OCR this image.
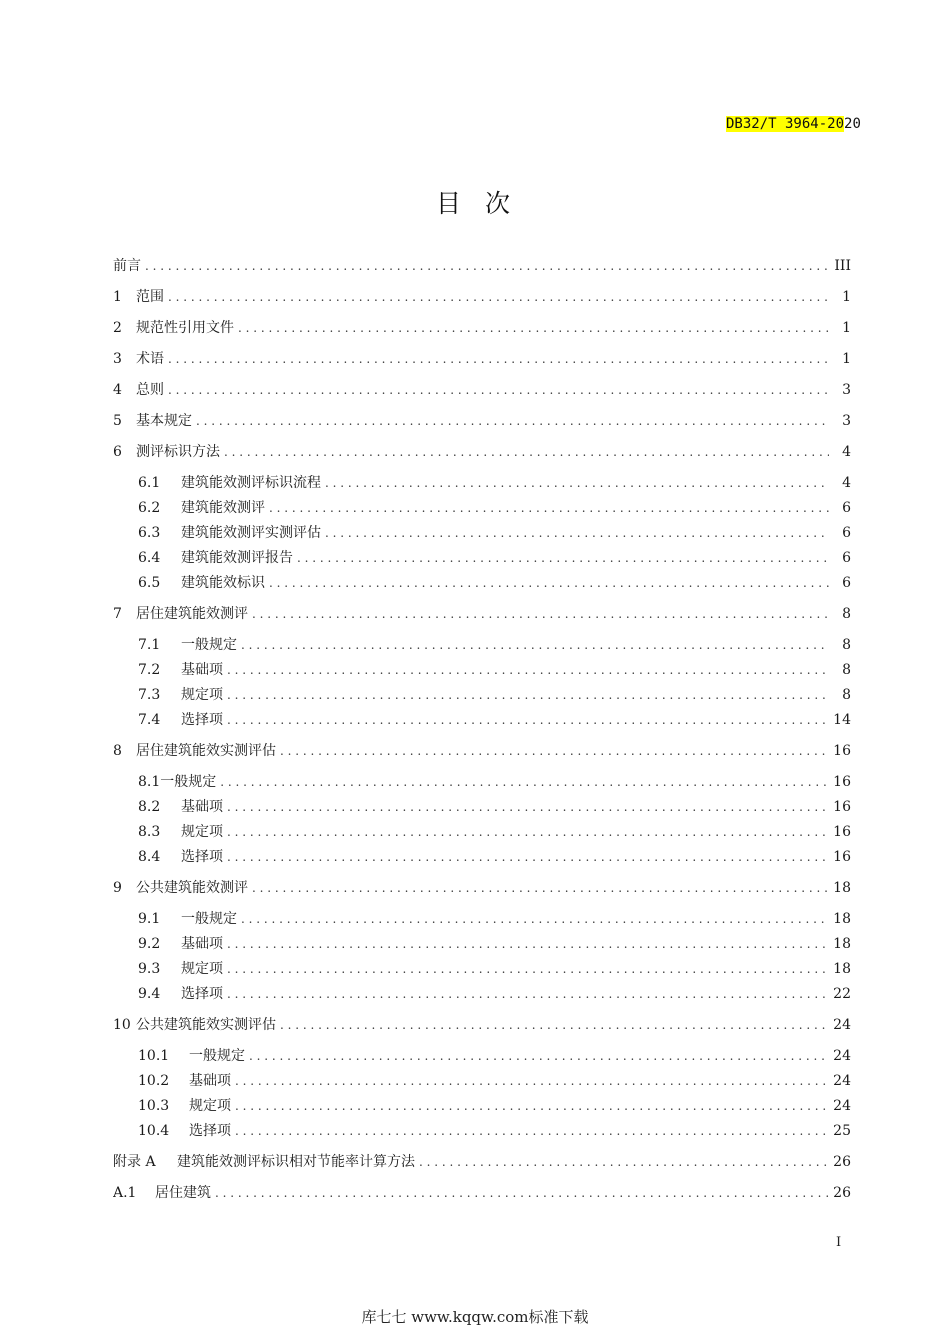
DB32/T 3964-2020
目次
前言 . . .	III
1	范围 . . .	1
2	规范性引用文件 . . .	1
3	术语 . . .	1
4	总则 . . .	3
5	基本规定 . . .	3
6	测评标识方法 . . .	4
6.1	建筑能效测评标识流程 . . .	4
6.2	建筑能效测评 . . .	6
6.3	建筑能效测评实测评估 . . .	6
6.4	建筑能效测评报告 . . .	6
6.5	建筑能效标识 . . .	6
7	居住建筑能效测评 . . .	8
7.1	一般规定 . . .	8
7.2	基础项 . . .	8
7.3	规定项 . . .	8
7.4	选择项 . . .	14
8	居住建筑能效实测评估 . . .	16
8.1 一般规定 . . .	16
8.2	基础项 . . .	16
8.3	规定项 . . .	16
8.4	选择项 . . .	16
9	公共建筑能效测评 . . .	18
9.1	一般规定 . . .	18
9.2	基础项 . . .	18
9.3	规定项 . . .	18
9.4	选择项 . . .	22
10 公共建筑能效实测评估 . . .	24
10.1	一般规定 . . .	24
10.2	基础项 . . .	24
10.3	规定项 . . .	24
10.4	选择项 . . .	25
附录 A	建筑能效测评标识相对节能率计算方法 . . .	26
A.1	居住建筑 . . .	26
I
库七七 www.kqqw.com标准下载
